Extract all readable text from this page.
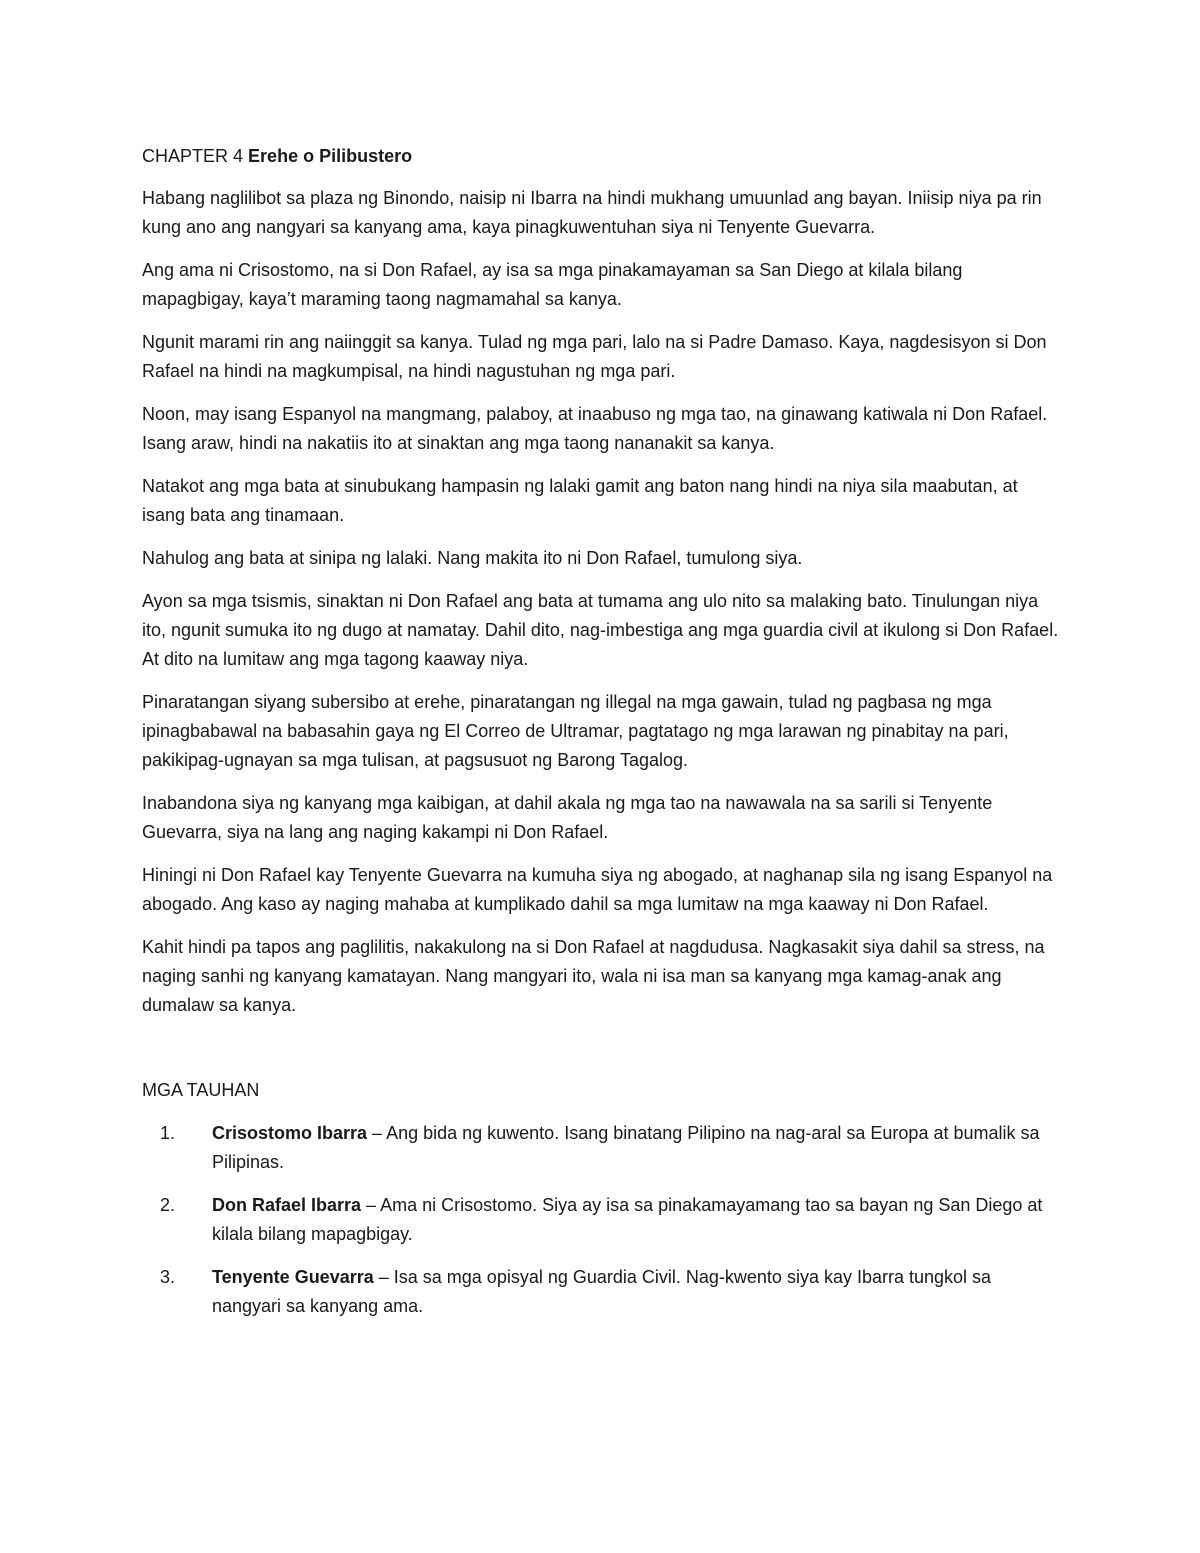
CHAPTER 4 Erehe o Pilibustero

Habang naglilibot sa plaza ng Binondo, naisip ni Ibarra na hindi mukhang umuunlad ang bayan. Iniisip niya pa rin kung ano ang nangyari sa kanyang ama, kaya pinagkuwentuhan siya ni Tenyente Guevarra.

Ang ama ni Crisostomo, na si Don Rafael, ay isa sa mga pinakamayaman sa San Diego at kilala bilang mapagbigay, kaya’t maraming taong nagmamahal sa kanya.

Ngunit marami rin ang naiinggit sa kanya. Tulad ng mga pari, lalo na si Padre Damaso. Kaya, nagdesisyon si Don Rafael na hindi na magkumpisal, na hindi nagustuhan ng mga pari.

Noon, may isang Espanyol na mangmang, palaboy, at inaabuso ng mga tao, na ginawang katiwala ni Don Rafael. Isang araw, hindi na nakatiis ito at sinaktan ang mga taong nananakit sa kanya.

Natakot ang mga bata at sinubukang hampasin ng lalaki gamit ang baton nang hindi na niya sila maabutan, at isang bata ang tinamaan.

Nahulog ang bata at sinipa ng lalaki. Nang makita ito ni Don Rafael, tumulong siya.

Ayon sa mga tsismis, sinaktan ni Don Rafael ang bata at tumama ang ulo nito sa malaking bato. Tinulungan niya ito, ngunit sumuka ito ng dugo at namatay. Dahil dito, nag-imbestiga ang mga guardia civil at ikulong si Don Rafael. At dito na lumitaw ang mga tagong kaaway niya.

Pinaratangan siyang subersibo at erehe, pinaratangan ng illegal na mga gawain, tulad ng pagbasa ng mga ipinagbabawal na babasahin gaya ng El Correo de Ultramar, pagtatago ng mga larawan ng pinabitay na pari, pakikipag-ugnayan sa mga tulisan, at pagsusuot ng Barong Tagalog.

Inabandona siya ng kanyang mga kaibigan, at dahil akala ng mga tao na nawawala na sa sarili si Tenyente Guevarra, siya na lang ang naging kakampi ni Don Rafael.

Hiningi ni Don Rafael kay Tenyente Guevarra na kumuha siya ng abogado, at naghanap sila ng isang Espanyol na abogado. Ang kaso ay naging mahaba at kumplikado dahil sa mga lumitaw na mga kaaway ni Don Rafael.

Kahit hindi pa tapos ang paglilitis, nakakulong na si Don Rafael at nagdudusa. Nagkasakit siya dahil sa stress, na naging sanhi ng kanyang kamatayan. Nang mangyari ito, wala ni isa man sa kanyang mga kamag-anak ang dumalaw sa kanya.

MGA TAUHAN
1. Crisostomo Ibarra – Ang bida ng kuwento. Isang binatang Pilipino na nag-aral sa Europa at bumalik sa Pilipinas.
2. Don Rafael Ibarra – Ama ni Crisostomo. Siya ay isa sa pinakamayamang tao sa bayan ng San Diego at kilala bilang mapagbigay.
3. Tenyente Guevarra – Isa sa mga opisyal ng Guardia Civil. Nag-kwento siya kay Ibarra tungkol sa nangyari sa kanyang ama.
